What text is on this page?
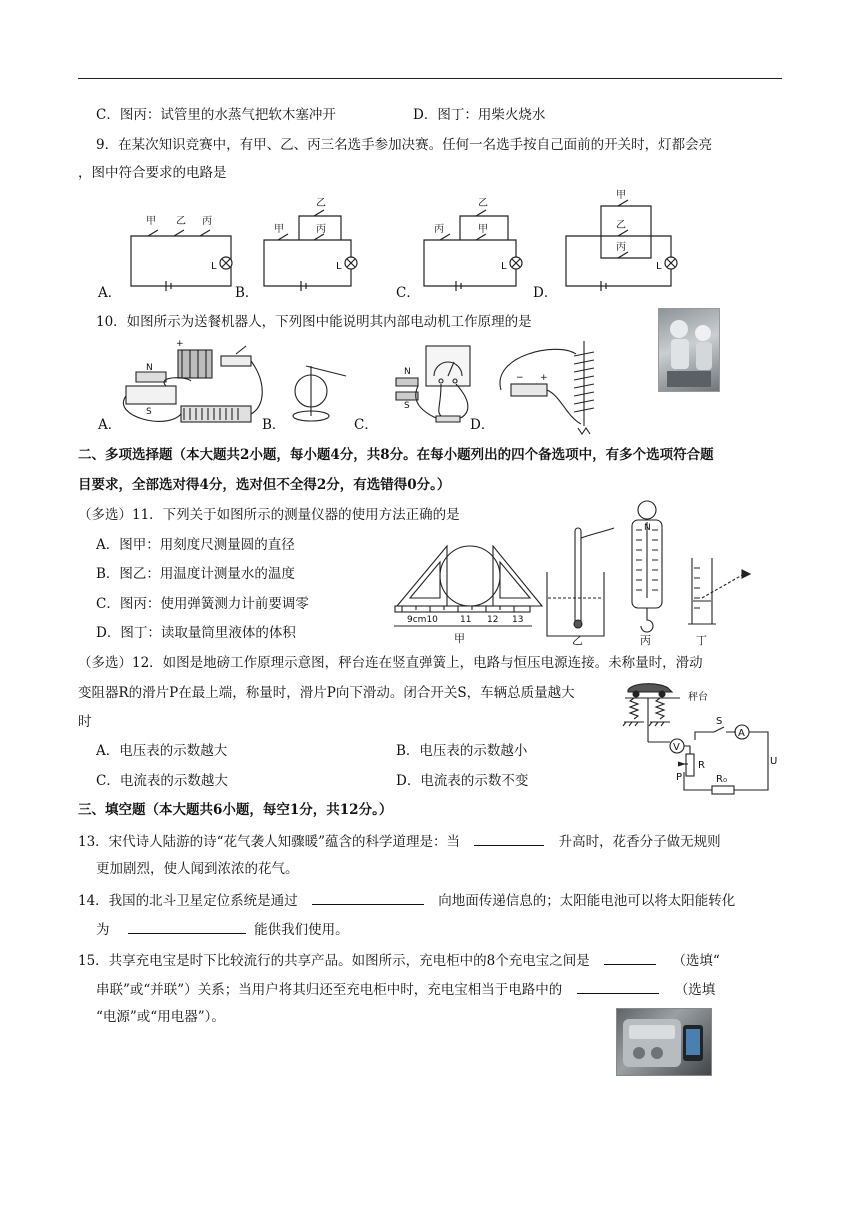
C．图丙：试管里的水蒸气把软木塞冲开	D．图丁：用柴火烧水
9．在某次知识竞赛中，有甲、乙、丙三名选手参加决赛。任何一名选手按自己面前的开关时，灯都会亮
，图中符合要求的电路是
甲 乙 丙
L
甲
乙
丙
L
丙
乙
甲
L
甲
乙
丙
L
A．	B．	C．	D．
10．如图所示为送餐机器人，下列图中能说明其内部电动机工作原理的是
+
N
S
N
S
− +
A．	B．	C．	D．
二、多项选择题（本大题共2小题，每小题4分，共8分。在每小题列出的四个备选项中，有多个选项符合题
目要求，全部选对得4分，选对但不全得2分，有选错得0分。）
（多选）11．下列关于如图所示的测量仪器的使用方法正确的是
A．图甲：用刻度尺测量圆的直径
B．图乙：用温度计测量水的温度
C．图丙：使用弹簧测力计前要调零
D．图丁：读取量筒里液体的体积
9cm10 11 12 13
N
甲	乙	丙	丁
（多选）12．如图是地磅工作原理示意图，秤台连在竖直弹簧上，电路与恒压电源连接。未称量时，滑动
变阻器R的滑片P在最上端，称量时，滑片P向下滑动。闭合开关S，车辆总质量越大
时
A．电压表的示数越大	B．电压表的示数越小
C．电流表的示数越大	D．电流表的示数不变
秤台
V
S
A
R
P	R₀
U
三、填空题（本大题共6小题，每空1分，共12分。）
13．宋代诗人陆游的诗“花气袭人知骤暖”蕴含的科学道理是：当	升高时，花香分子做无规则
更加剧烈，使人闻到浓浓的花气。
14．我国的北斗卫星定位系统是通过	向地面传递信息的；太阳能电池可以将太阳能转化
为	能供我们使用。
15．共享充电宝是时下比较流行的共享产品。如图所示，充电柜中的8个充电宝之间是	（选填“
串联”或“并联”）关系；当用户将其归还至充电柜中时，充电宝相当于电路中的	（选填
“电源”或“用电器”）。
